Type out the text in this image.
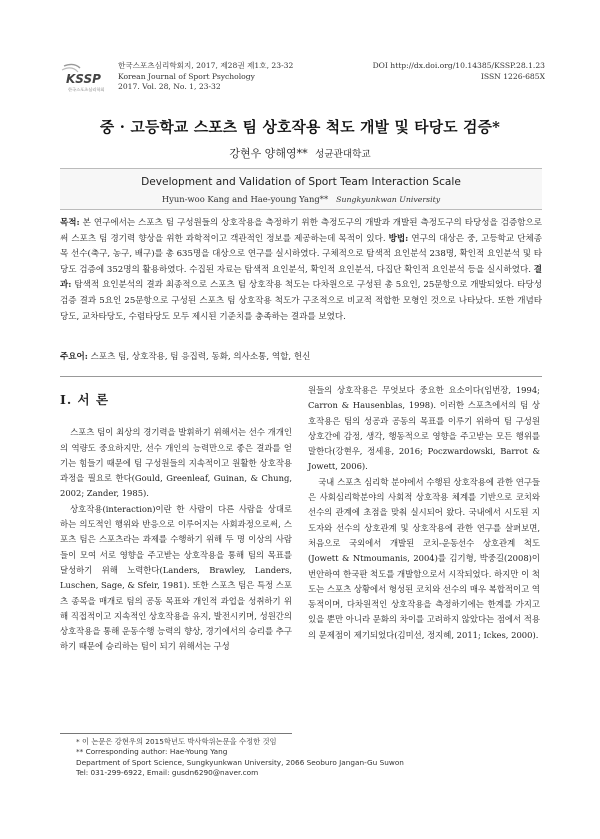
KSSP
한국스포츠심리학회
한국스포츠심리학회지, 2017, 제28권 제1호, 23-32
Korean Journal of Sport Psychology
2017. Vol. 28, No. 1, 23-32
DOI http://dx.doi.org/10.14385/KSSP.28.1.23
ISSN 1226-685X
중 · 고등학교 스포츠 팀 상호작용 척도 개발 및 타당도 검증*
강현우 양해영** 성균관대학교
Development and Validation of Sport Team Interaction Scale
Hyun-woo Kang and Hae-young Yang** Sungkyunkwan University
목적: 본 연구에서는 스포츠 팀 구성원들의 상호작용을 측정하기 위한 측정도구의 개발과 개발된 측정도구의 타당성을 검증함으로써 스포츠 팀 경기력 향상을 위한 과학적이고 객관적인 정보를 제공하는데 목적이 있다. 방법: 연구의 대상은 중, 고등학교 단체종목 선수(축구, 농구, 배구)를 총 635명을 대상으로 연구를 실시하였다. 구체적으로 탐색적 요인분석 238명, 확인적 요인분석 및 타당도 검증에 352명의 활용하였다. 수집된 자료는 탐색적 요인분석, 확인적 요인분석, 다집단 확인적 요인분석 등을 실시하였다. 결과: 탐색적 요인분석의 결과 최종적으로 스포츠 팀 상호작용 척도는 다차원으로 구성된 총 5요인, 25문항으로 개발되었다. 타당성 검증 결과 5요인 25문항으로 구성된 스포츠 팀 상호작용 척도가 구조적으로 비교적 적합한 모형인 것으로 나타났다. 또한 개념타당도, 교차타당도, 수렴타당도 모두 제시된 기준치를 충족하는 결과를 보였다.
주요어: 스포츠 팀, 상호작용, 팀 응집력, 동화, 의사소통, 역할, 헌신
I. 서 론

스포츠 팀이 최상의 경기력을 발휘하기 위해서는 선수 개개인의 역량도 중요하지만, 선수 개인의 능력만으로 좋은 결과를 얻기는 힘들기 때문에 팀 구성원들의 지속적이고 원활한 상호작용 과정을 필요로 한다(Gould, Greenleaf, Guinan, & Chung, 2002; Zander, 1985).

상호작용(interaction)이란 한 사람이 다른 사람을 상대로 하는 의도적인 행위와 반응으로 이루어지는 사회과정으로써, 스포츠 팀은 스포츠라는 과제를 수행하기 위해 두 명 이상의 사람들이 모여 서로 영향을 주고받는 상호작용을 통해 팀의 목표를 달성하기 위해 노력한다(Landers, Brawley, Landers, Luschen, Sage, & Sfeir, 1981). 또한 스포츠 팀은 특정 스포츠 종목을 매개로 팀의 공동 목표와 개인적 과업을 성취하기 위해 직접적이고 지속적인 상호작용을 유지, 발전시키며, 성원간의 상호작용을 통해 운동수행 능력의 향상, 경기에서의 승리를 추구하기 때문에 승리하는 팀이 되기 위해서는 구성

원들의 상호작용은 무엇보다 중요한 요소이다(임번장, 1994; Carron & Hausenblas, 1998). 이러한 스포츠에서의 팀 상호작용은 팀의 성공과 공동의 목표를 이루기 위하여 팀 구성원 상호간에 감정, 생각, 행동적으로 영향을 주고받는 모든 행위를 말한다(강현우, 정세용, 2016; Poczwardowski, Barrot & Jowett, 2006).

국내 스포츠 심리학 분야에서 수행된 상호작용에 관한 연구들은 사회심리학분야의 사회적 상호작용 체계를 기반으로 코치와 선수의 관계에 초점을 맞춰 실시되어 왔다. 국내에서 시도된 지도자와 선수의 상호관계 및 상호작용에 관한 연구를 살펴보면, 처음으로 국외에서 개발된 코치-운동선수 상호관계 척도(Jowett & Ntmoumanis, 2004)를 김기형, 박중길(2008)이 번안하여 한국판 척도를 개발함으로서 시작되었다. 하지만 이 척도는 스포츠 상황에서 형성된 코치와 선수의 매우 복합적이고 역동적이며, 다차원적인 상호작용을 측정하기에는 한계를 가지고 있을 뿐만 아니라 문화의 차이를 고려하지 않았다는 점에서 적용의 문제점이 제기되었다(김미선, 정지혜, 2011; Ickes, 2000).

* 이 논문은 강현우의 2015학년도 박사학위논문을 수정한 것임
** Corresponding author: Hae-Young Yang
Department of Sport Science, Sungkyunkwan University, 2066 Seoburo Jangan-Gu Suwon
Tel: 031-299-6922, Email: gusdn6290@naver.com
